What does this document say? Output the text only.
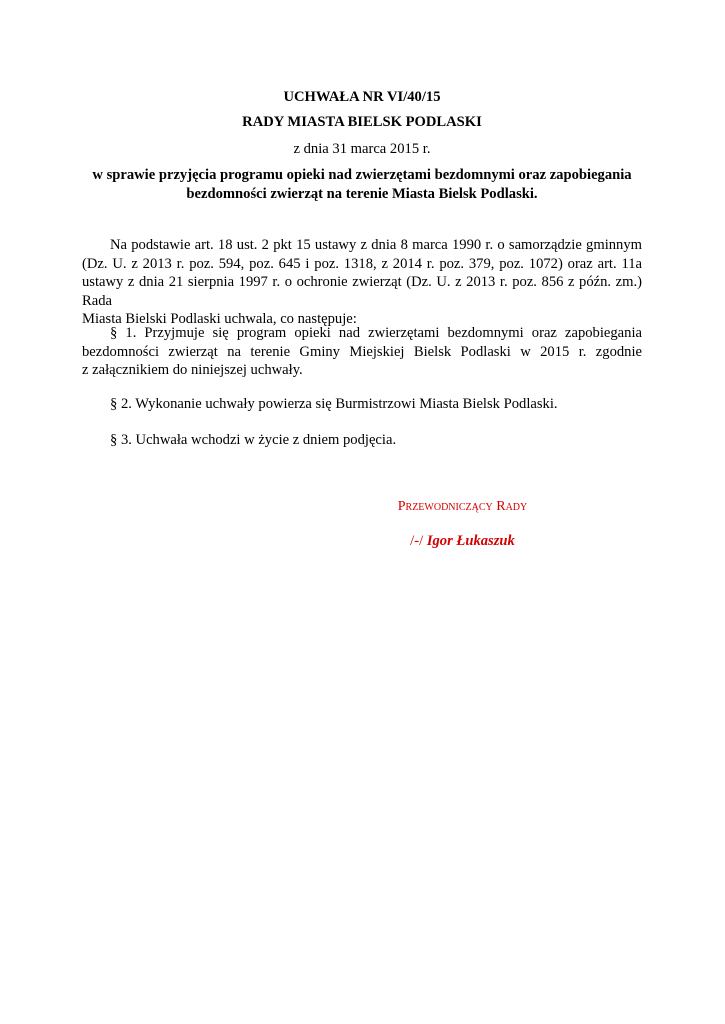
UCHWAŁA NR VI/40/15
RADY MIASTA BIELSK PODLASKI
z dnia 31 marca 2015 r.
w sprawie przyjęcia programu opieki nad zwierzętami bezdomnymi oraz zapobiegania
bezdomności zwierząt na terenie Miasta Bielsk Podlaski.
Na podstawie art. 18 ust. 2 pkt 15 ustawy z dnia 8 marca 1990 r. o samorządzie gminnym
(Dz. U. z 2013 r. poz. 594, poz. 645 i poz. 1318, z 2014 r. poz. 379, poz. 1072) oraz art. 11a
ustawy z dnia 21 sierpnia 1997 r. o ochronie zwierząt (Dz. U. z 2013 r. poz. 856 z późn. zm.) Rada
Miasta Bielski Podlaski uchwala, co następuje:
§ 1. Przyjmuje się program opieki nad zwierzętami bezdomnymi oraz zapobiegania
bezdomności zwierząt na terenie Gminy Miejskiej Bielsk Podlaski w 2015 r. zgodnie
z załącznikiem do niniejszej uchwały.
§ 2. Wykonanie uchwały powierza się Burmistrzowi Miasta Bielsk Podlaski.
§ 3. Uchwała wchodzi w życie z dniem podjęcia.
Przewodniczący Rady
/-/ Igor Łukaszuk
